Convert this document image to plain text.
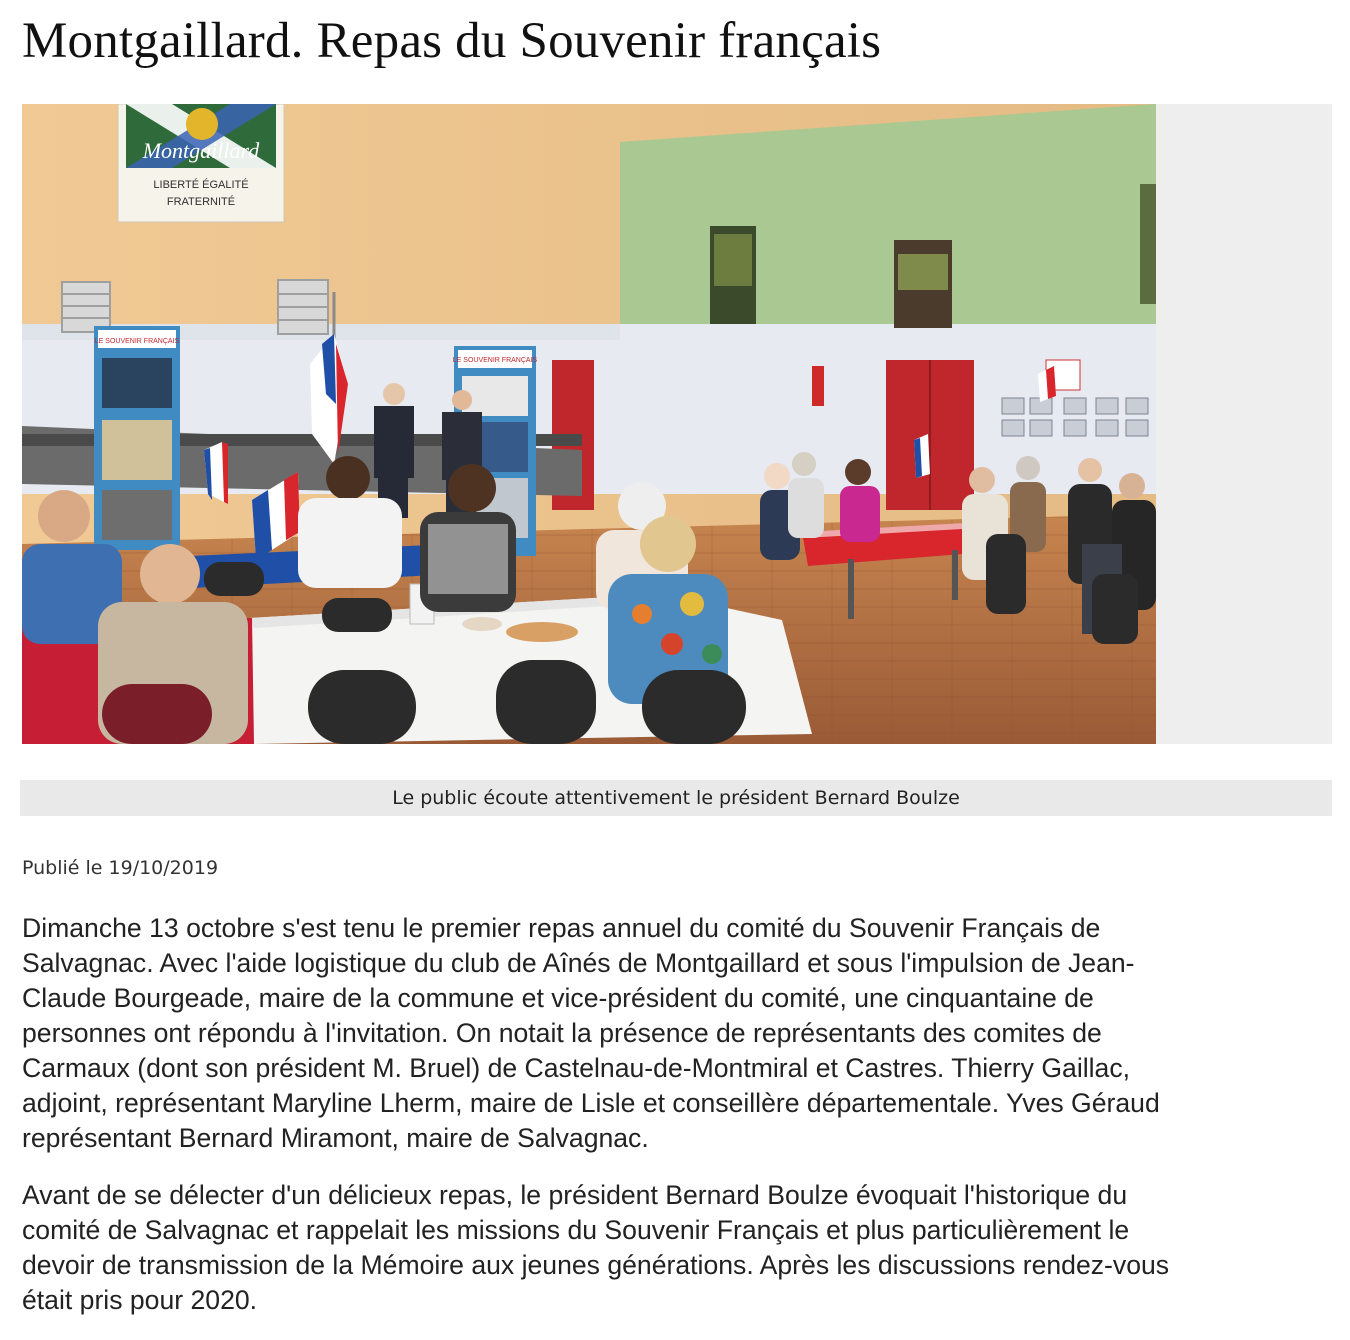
Montgaillard. Repas du Souvenir français
Montgaillard
LIBERTÉ ÉGALITÉ
FRATERNITÉ
LE SOUVENIR FRANÇAIS
LE SOUVENIR FRANÇAIS
Le public écoute attentivement le président Bernard Boulze
Publié le 19/10/2019

Dimanche 13 octobre s'est tenu le premier repas annuel du comité du Souvenir Français de
Salvagnac. Avec l'aide logistique du club de Aînés de Montgaillard et sous l'impulsion de Jean-
Claude Bourgeade, maire de la commune et vice-président du comité, une cinquantaine de
personnes ont répondu à l'invitation. On notait la présence de représentants des comites de
Carmaux (dont son président M. Bruel) de Castelnau-de-Montmiral et Castres. Thierry Gaillac,
adjoint, représentant Maryline Lherm, maire de Lisle et conseillère départementale. Yves Géraud
représentant Bernard Miramont, maire de Salvagnac.

Avant de se délecter d'un délicieux repas, le président Bernard Boulze évoquait l'historique du
comité de Salvagnac et rappelait les missions du Souvenir Français et plus particulièrement le
devoir de transmission de la Mémoire aux jeunes générations. Après les discussions rendez-vous
était pris pour 2020.
